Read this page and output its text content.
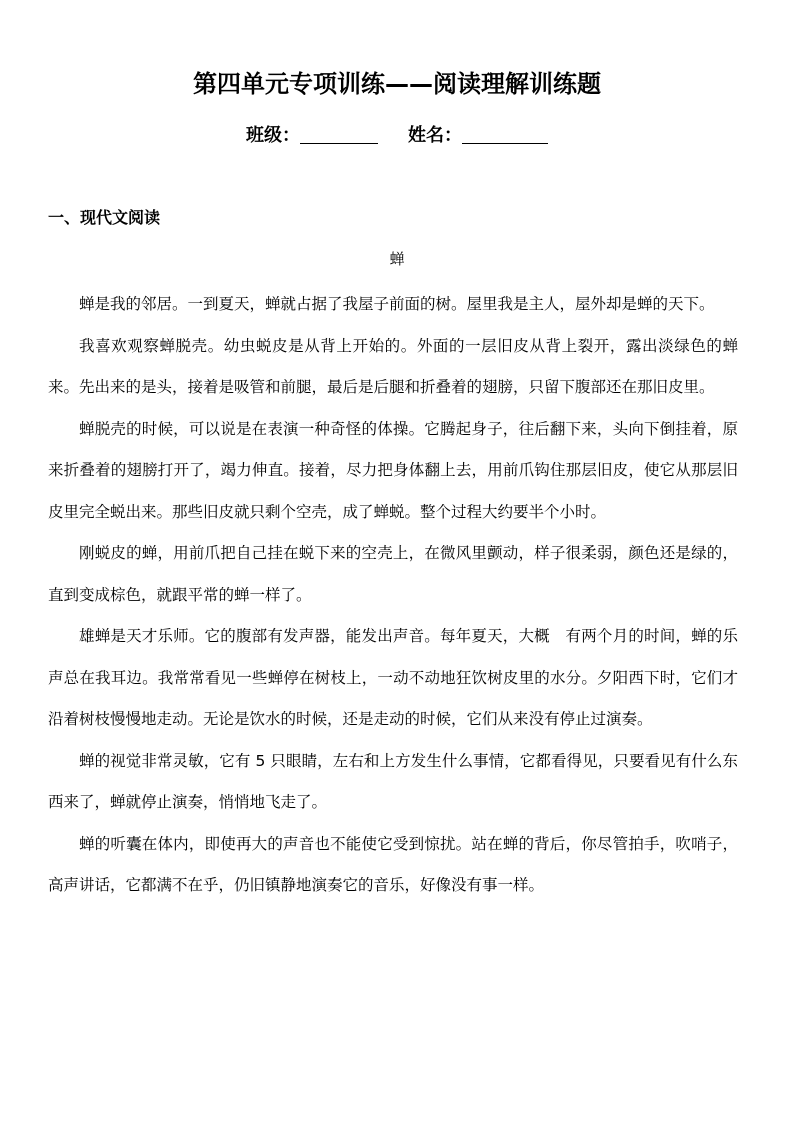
第四单元专项训练——阅读理解训练题
班级：	姓名：
一、现代文阅读
蝉

蝉是我的邻居。一到夏天，蝉就占据了我屋子前面的树。屋里我是主人，屋外却是蝉的天下。

我喜欢观察蝉脱壳。幼虫蜕皮是从背上开始的。外面的一层旧皮从背上裂开，露出淡绿色的蝉来。先出来的是头，接着是吸管和前腿，最后是后腿和折叠着的翅膀，只留下腹部还在那旧皮里。

蝉脱壳的时候，可以说是在表演一种奇怪的体操。它腾起身子，往后翻下来，头向下倒挂着，原来折叠着的翅膀打开了，竭力伸直。接着，尽力把身体翻上去，用前爪钩住那层旧皮，使它从那层旧皮里完全蜕出来。那些旧皮就只剩个空壳，成了蝉蜕。整个过程大约要半个小时。

刚蜕皮的蝉，用前爪把自己挂在蜕下来的空壳上，在微风里颤动，样子很柔弱，颜色还是绿的，直到变成棕色，就跟平常的蝉一样了。

雄蝉是天才乐师。它的腹部有发声器，能发出声音。每年夏天，大概　有两个月的时间，蝉的乐声总在我耳边。我常常看见一些蝉停在树枝上，一动不动地狂饮树皮里的水分。夕阳西下时，它们才沿着树枝慢慢地走动。无论是饮水的时候，还是走动的时候，它们从来没有停止过演奏。

蝉的视觉非常灵敏，它有 5 只眼睛，左右和上方发生什么事情，它都看得见，只要看见有什么东西来了，蝉就停止演奏，悄悄地飞走了。

蝉的听囊在体内，即使再大的声音也不能使它受到惊扰。站在蝉的背后，你尽管拍手，吹哨子，高声讲话，它都满不在乎，仍旧镇静地演奏它的音乐，好像没有事一样。
